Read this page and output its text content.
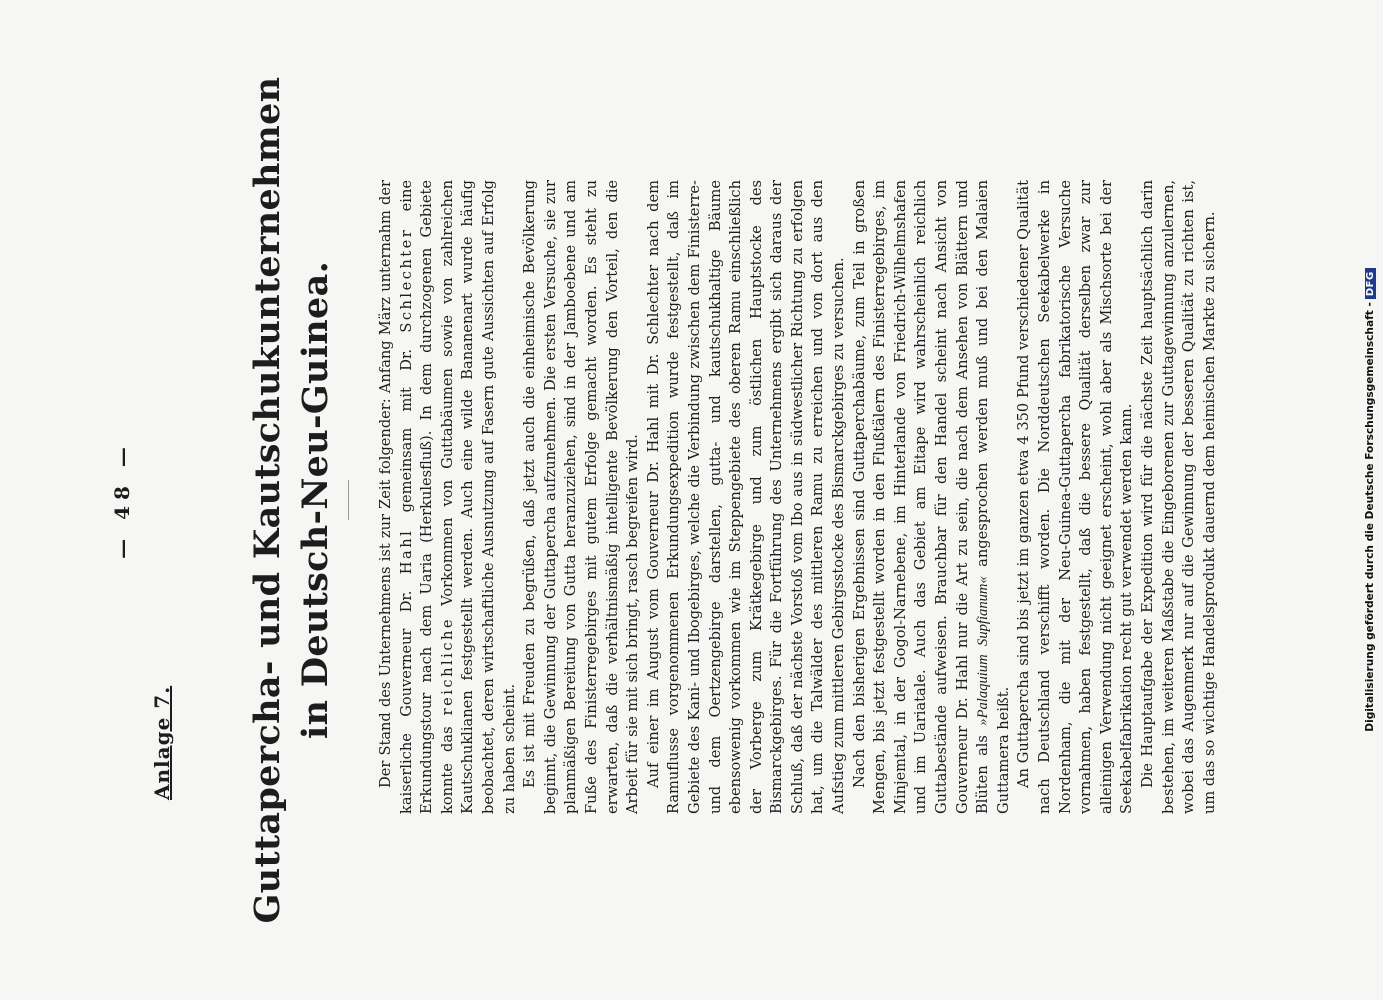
— 48 —
Anlage 7. Guttapercha- und Kautschukunternehmen in Deutsch-Neu-Guinea.	Der Stand des Unternehmens ist zur Zeit folgender: Anfang März unternahm der kaiserliche Gouverneur Dr. Hahl gemeinsam mit Dr. Schlechter eine Erkundungstour nach dem Uaria (Herkulesfluß). In dem durchzogenen Gebiete konnte das reichliche Vorkommen von Guttabäumen sowie von zahlreichen Kautschuklianen festgestellt werden. Auch eine wilde Bananenart wurde häufig beobachtet, deren wirtschaftliche Ausnutzung auf Fasern gute Aussichten auf Erfolg zu haben scheint. Es ist mit Freuden zu begrüßen, daß jetzt auch die einheimische Bevölkerung beginnt, die Gewinnung der Guttapercha aufzunehmen. Die ersten Versuche, sie zur planmäßigen Bereitung von Gutta heranzuziehen, sind in der Jamboebene und am Fuße des Finisterregebirges mit gutem Erfolge gemacht worden. Es steht zu erwarten, daß die verhältnismäßig intelligente Bevölkerung den Vorteil, den die Arbeit für sie mit sich bringt, rasch begreifen wird. Auf einer im August vom Gouverneur Dr. Hahl mit Dr. Schlechter nach dem Ramuflusse vorgenommenen Erkundungsexpedition wurde festgestellt, daß im Gebiete des Kani- und Ibogebirges, welche die Verbindung zwischen dem Finisterre- und dem Oertzengebirge darstellen, gutta- und kautschukhaltige Bäume ebensowenig vorkommen wie im Steppengebiete des oberen Ramu einschließlich der Vorberge zum Krätkegebirge und zum östlichen Hauptstocke des Bismarckgebirges. Für die Fortführung des Unternehmens ergibt sich daraus der Schluß, daß der nächste Vorstoß vom Ibo aus in südwestlicher Richtung zu erfolgen hat, um die Talwälder des mittleren Ramu zu erreichen und von dort aus den Aufstieg zum mittleren Gebirgsstocke des Bismarckgebirges zu versuchen. Nach den bisherigen Ergebnissen sind Guttaperchabäume, zum Teil in großen Mengen, bis jetzt festgestellt worden in den Flußtälern des Finisterregebirges, im Minjemtal, in der Gogol-Narnebene, im Hinterlande von Friedrich-Wilhelmshafen und im Uariatale. Auch das Gebiet am Eitape wird wahrscheinlich reichlich Guttabestände aufweisen. Brauchbar für den Handel scheint nach Ansicht von Gouverneur Dr. Hahl nur die Art zu sein, die nach dem Ansehen von Blättern und Blüten als »Palaquium Supfianum« angesprochen werden muß und bei den Malaien Guttamera heißt. An Guttapercha sind bis jetzt im ganzen etwa 4 350 Pfund verschiedener Qualität nach Deutschland verschifft worden. Die Norddeutschen Seekabelwerke in Nordenham, die mit der Neu-Guinea-Guttapercha fabrikatorische Versuche vornahmen, haben festgestellt, daß die bessere Qualität derselben zwar zur alleinigen Verwendung nicht geeignet erscheint, wohl aber als Mischsorte bei der Seekabelfabrikation recht gut verwendet werden kann. Die Hauptaufgabe der Expedition wird für die nächste Zeit hauptsächlich darin bestehen, im weiteren Maßstabe die Eingeborenen zur Guttagewinnung anzulernen, wobei das Augenmerk nur auf die Gewinnung der besseren Qualität zu richten ist, um das so wichtige Handelsprodukt dauernd dem heimischen Markte zu sichern.	Digitalisierung gefördert durch die Deutsche Forschungsgemeinschaft -DFG
